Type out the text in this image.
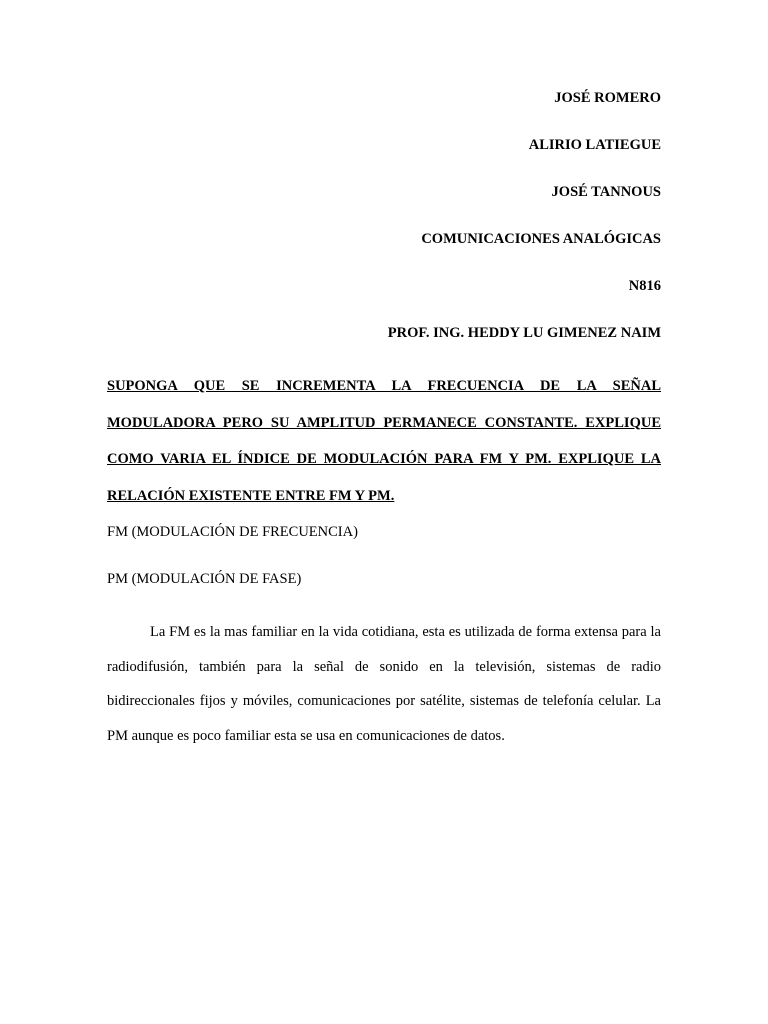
JOSÉ ROMERO
ALIRIO LATIEGUE
JOSÉ TANNOUS
COMUNICACIONES ANALÓGICAS
N816
PROF. ING. HEDDY LU GIMENEZ NAIM
SUPONGA QUE SE INCREMENTA LA FRECUENCIA DE LA SEÑAL MODULADORA PERO SU AMPLITUD PERMANECE CONSTANTE. EXPLIQUE COMO VARIA EL ÍNDICE DE MODULACIÓN PARA FM Y PM. EXPLIQUE LA RELACIÓN EXISTENTE ENTRE FM Y PM.
FM (MODULACIÓN DE FRECUENCIA)
PM (MODULACIÓN DE FASE)
La FM es la mas familiar en la vida cotidiana, esta es utilizada de forma extensa para la radiodifusión, también para la señal de sonido en la televisión, sistemas de radio bidireccionales fijos y móviles, comunicaciones por satélite, sistemas de telefonía celular. La PM aunque es poco familiar esta se usa en comunicaciones de datos.
